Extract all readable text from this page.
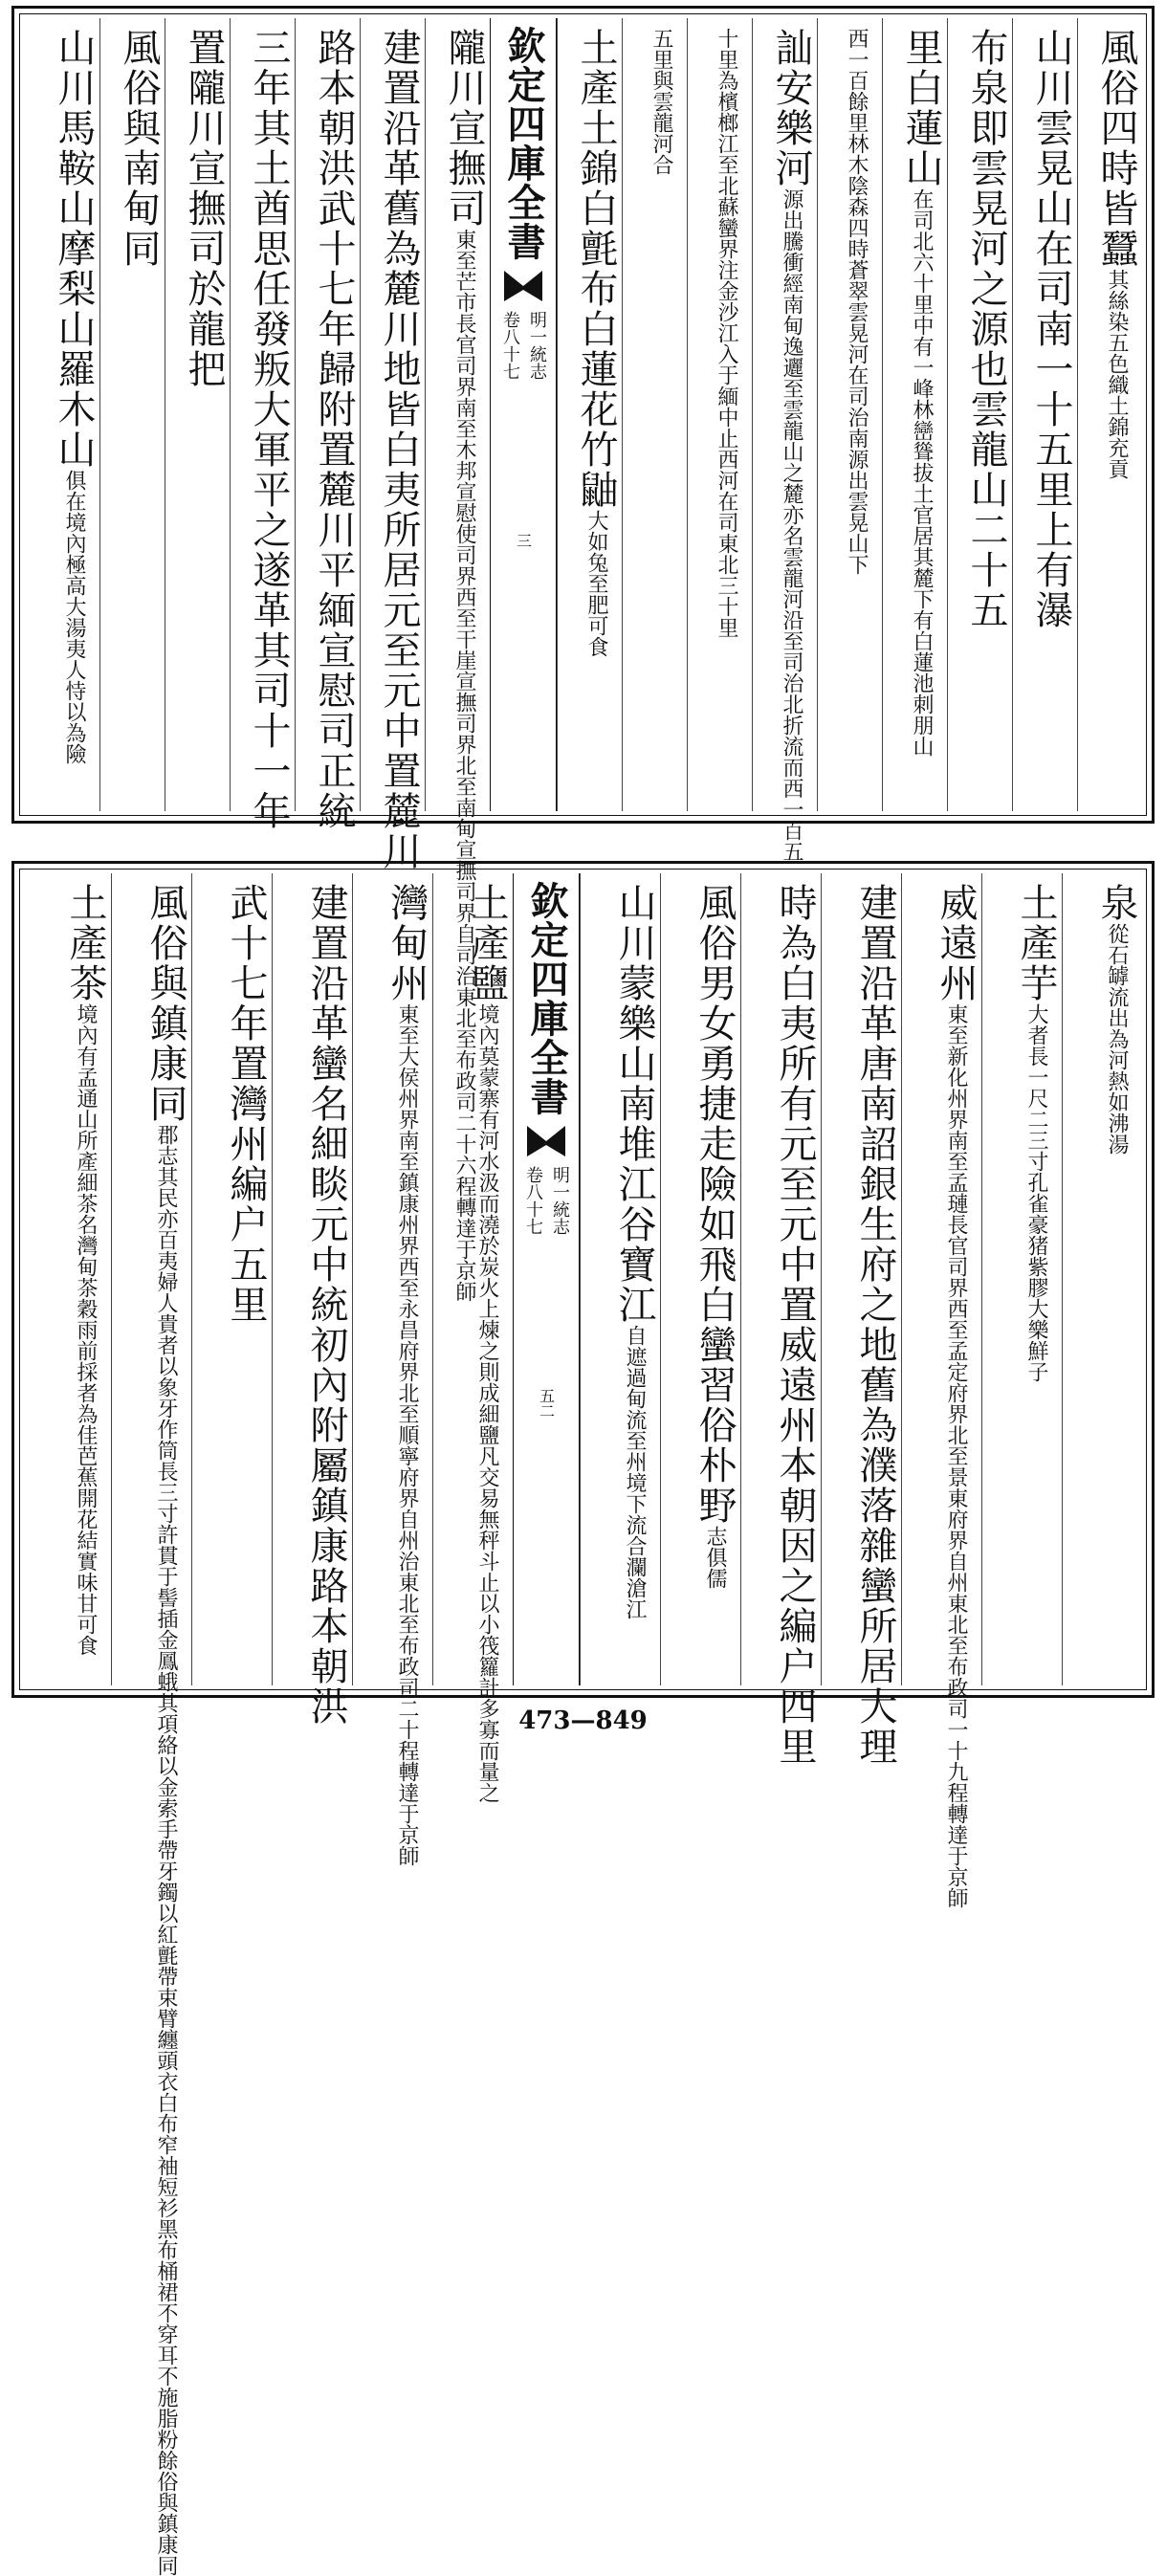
風俗四時皆蠶其絲染五色織土錦充貢
山川雲晃山在司南一十五里上有瀑
布泉即雲晃河之源也雲龍山二十五
里白蓮山在司北六十里中有一峰林巒聳拔土官居其麓下有白蓮池刺朋山
西一百餘里林木陰森四時蒼翠雲晃河在司治南源出雲晃山下
訕安樂河源出騰衝經南甸逸邐至雲龍山之麓亦名雲龍河沿至司治北折流而西一百五
十里為檳榔江至北蘇蠻界注金沙江入于緬中止西河在司東北三十里
五里與雲龍河合
土產土錦白氈布白蓮花竹鼬大如兔至肥可食
欽定四庫全書
明一統志
卷八十七
三
隴川宣撫司東至芒市長官司界南至木邦宣慰使司界西至干崖宣撫司界北至南甸宣撫司界自司治東北至布政司二十六程轉達于京師
建置沿革舊為麓川地皆白夷所居元至元中置麓川
路本朝洪武十七年歸附置麓川平緬宣慰司正統
三年其土酋思任發叛大軍平之遂革其司十一年
置隴川宣撫司於龍把
風俗與南甸同
山川馬鞍山摩梨山羅木山俱在境內極高大湯夷人恃以為險
泉從石罅流出為河熱如沸湯
土產芋大者長一尺二三寸孔雀豪猪紫膠大樂鮮子
威遠州東至新化州界南至孟璉長官司界西至孟定府界北至景東府界自州東北至布政司一十九程轉達于京師
建置沿革唐南詔銀生府之地舊為濮落雜蠻所居大理
時為白夷所有元至元中置威遠州本朝因之編户四里
風俗男女勇捷走險如飛白蠻習俗朴野志俱儒
山川蒙樂山南堆江谷寶江自遮過甸流至州境下流合瀾滄江
欽定四庫全書
明一統志
卷八十七
五二
土產鹽境內莫蒙寨有河水汲而澆於炭火上煉之則成細鹽凡交易無秤斗止以小筏籮計多寡而量之
灣甸州東至大侯州界南至鎮康州界西至永昌府界北至順寧府界自州治東北至布政司二十程轉達于京師
建置沿革蠻名細睒元中統初內附屬鎮康路本朝洪
武十七年置灣州編户五里
風俗與鎮康同郡志其民亦百夷婦人貴者以象牙作筒長三寸許貫于髻插金鳳蛾其項絡以金索手帶牙鐲以紅氈帶束臂纏頭衣白布窄袖短衫黑布桶裙不穿耳不施脂粉餘俗與鎮康同
土產茶境內有孟通山所產細茶名灣甸茶穀雨前採者為佳芭蕉開花結實味甘可食
473—849
